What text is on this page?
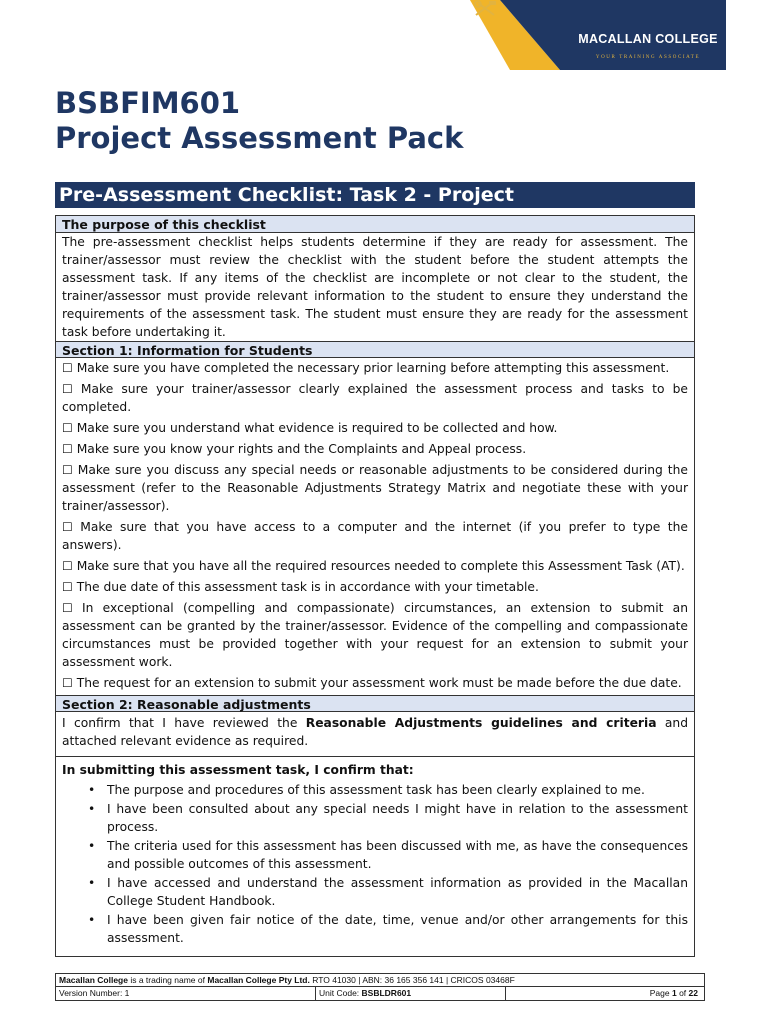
MACALLAN COLLEGE
YOUR TRAINING ASSOCIATE
BSBFIM601
Project Assessment Pack
Pre-Assessment Checklist: Task 2 - Project
The purpose of this checklist
The pre-assessment checklist helps students determine if they are ready for assessment. The trainer/assessor must review the checklist with the student before the student attempts the assessment task. If any items of the checklist are incomplete or not clear to the student, the trainer/assessor must provide relevant information to the student to ensure they understand the requirements of the assessment task. The student must ensure they are ready for the assessment task before undertaking it.
Section 1: Information for Students
☐ Make sure you have completed the necessary prior learning before attempting this assessment.
☐ Make sure your trainer/assessor clearly explained the assessment process and tasks to be completed.
☐ Make sure you understand what evidence is required to be collected and how.
☐ Make sure you know your rights and the Complaints and Appeal process.
☐ Make sure you discuss any special needs or reasonable adjustments to be considered during the assessment (refer to the Reasonable Adjustments Strategy Matrix and negotiate these with your trainer/assessor).
☐ Make sure that you have access to a computer and the internet (if you prefer to type the answers).
☐ Make sure that you have all the required resources needed to complete this Assessment Task (AT).
☐ The due date of this assessment task is in accordance with your timetable.
☐ In exceptional (compelling and compassionate) circumstances, an extension to submit an assessment can be granted by the trainer/assessor. Evidence of the compelling and compassionate circumstances must be provided together with your request for an extension to submit your assessment work.
☐ The request for an extension to submit your assessment work must be made before the due date.
Section 2: Reasonable adjustments
I confirm that I have reviewed the Reasonable Adjustments guidelines and criteria and attached relevant evidence as required.
In submitting this assessment task, I confirm that:
• The purpose and procedures of this assessment task has been clearly explained to me.
• I have been consulted about any special needs I might have in relation to the assessment process.
• The criteria used for this assessment has been discussed with me, as have the consequences and possible outcomes of this assessment.
• I have accessed and understand the assessment information as provided in the Macallan College Student Handbook.
• I have been given fair notice of the date, time, venue and/or other arrangements for this assessment.
Macallan College is a trading name of Macallan College Pty Ltd. RTO 41030 | ABN: 36 165 356 141 | CRICOS 03468F
Version Number: 1	Unit Code: BSBLDR601	Page 1 of 22
